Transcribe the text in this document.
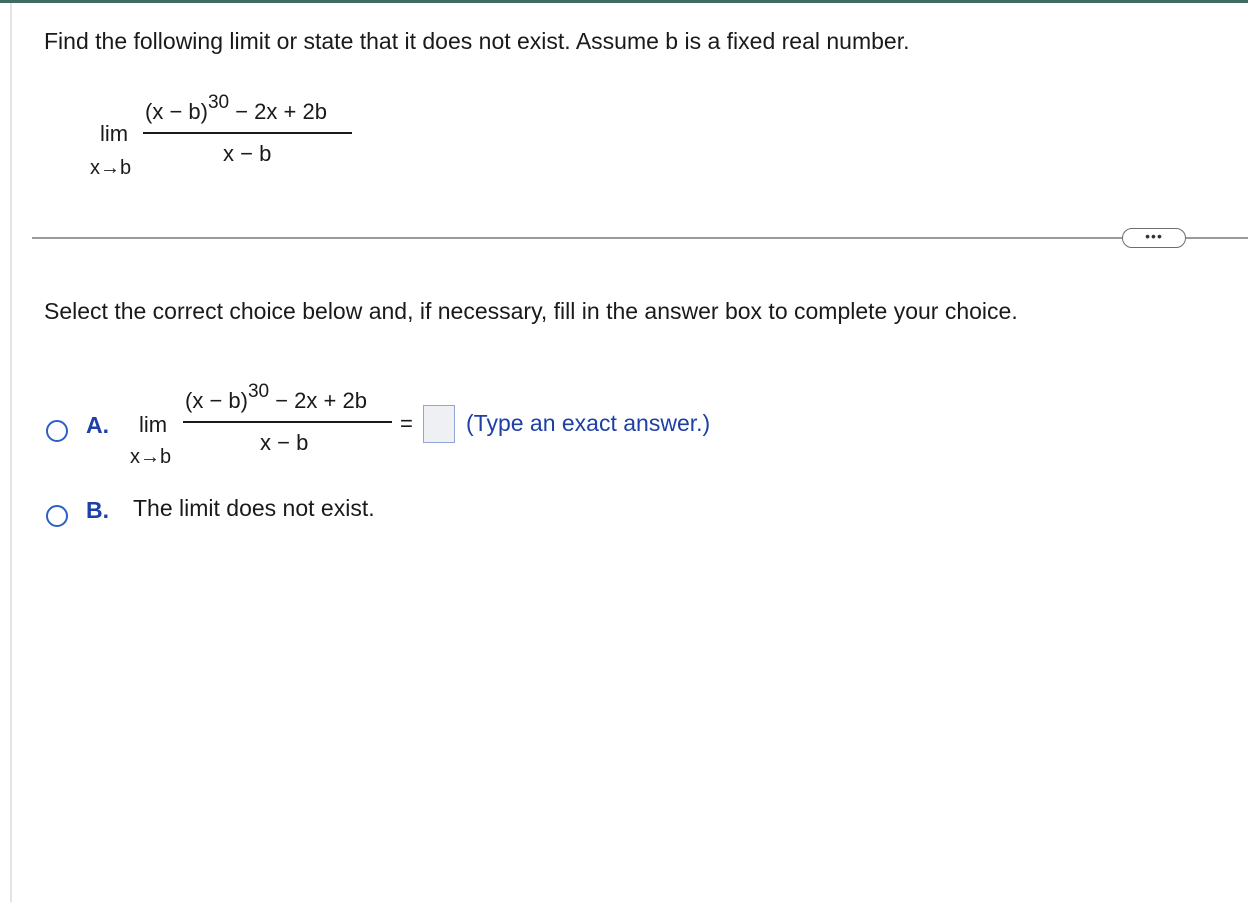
Find the following limit or state that it does not exist. Assume b is a fixed real number.
lim
x→b
$(x - b)^{30} - 2x + 2b$
x − b
•••
Select the correct choice below and, if necessary, fill in the answer box to complete your choice.
A. lim
x→b
$(x - b)^{30} - 2x + 2b$
x − b
= (Type an exact answer.)
B. The limit does not exist.
